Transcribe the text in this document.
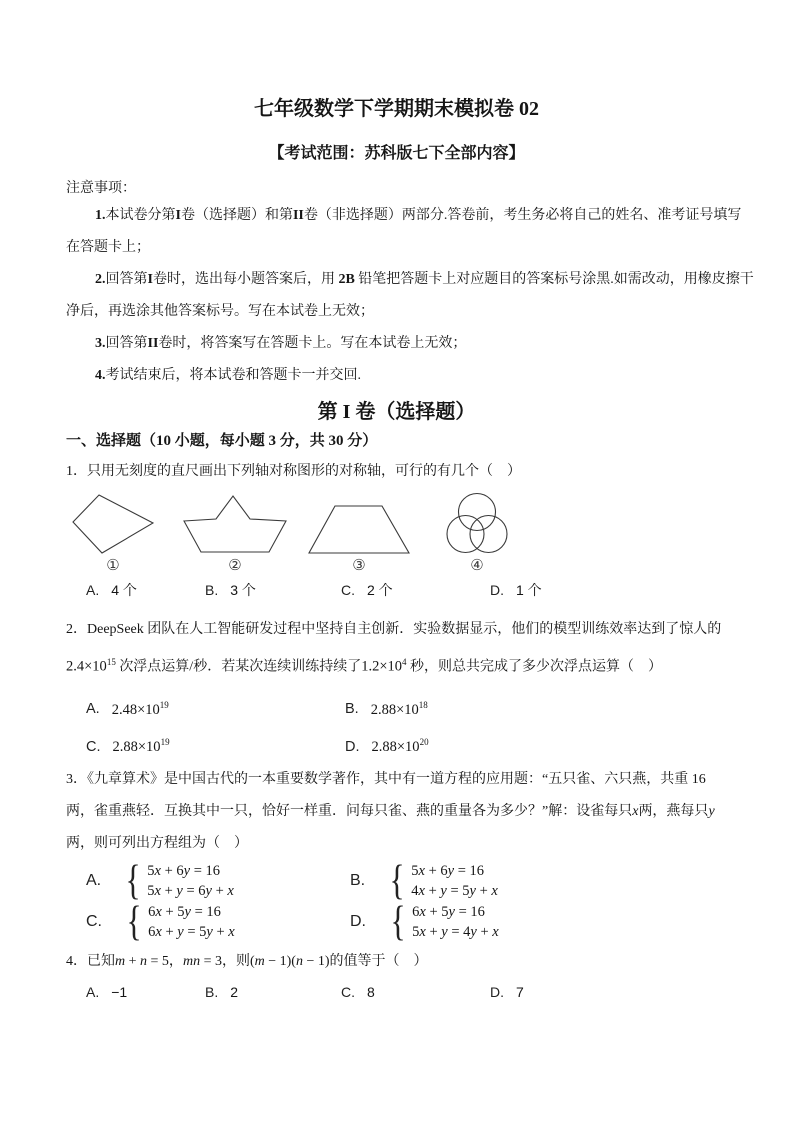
七年级数学下学期期末模拟卷 02
【考试范围：苏科版七下全部内容】
注意事项：
1.本试卷分第I卷（选择题）和第II卷（非选择题）两部分.答卷前，考生务必将自己的姓名、准考证号填写
在答题卡上；
2.回答第I卷时，选出每小题答案后，用 2B 铅笔把答题卡上对应题目的答案标号涂黑.如需改动，用橡皮擦干
净后，再选涂其他答案标号。写在本试卷上无效；
3.回答第II卷时，将答案写在答题卡上。写在本试卷上无效；
4.考试结束后，将本试卷和答题卡一并交回.
第 I 卷（选择题）
一、选择题（10 小题，每小题 3 分，共 30 分）
1．只用无刻度的直尺画出下列轴对称图形的对称轴，可行的有几个（　）
①	②	③	④
A. 4 个	B. 3 个	C. 2 个	D. 1 个
2．DeepSeek 团队在人工智能研发过程中坚持自主创新．实验数据显示，他们的模型训练效率达到了惊人的
$2.4\times 10^{15}$ 次浮点运算/秒．若某次连续训练持续了$1.2\times 10^4$ 秒，则总共完成了多少次浮点运算（　）
A. $2.48\times 10^{19}$	B. $2.88\times 10^{18}$
C. $2.88\times 10^{19}$	D. $2.88\times 10^{20}$
3．《九章算术》是中国古代的一本重要数学著作，其中有一道方程的应用题：“五只雀、六只燕，共重 16
两，雀重燕轻．互换其中一只，恰好一样重．问每只雀、燕的重量各为多少？”解：设雀每只x两，燕每只y
两，则可列出方程组为（　）
A. { 5x + 6y = 16
5x + y = 6y + x
B. { 5x + 6y = 16
4x + y = 5y + x
C. { 6x + 5y = 16
6x + y = 5y + x
D. { 6x + 5y = 16
5x + y = 4y + x
4．已知m + n = 5，mn = 3，则(m − 1)(n − 1)的值等于（　）
A. −1	B. 2	C. 8	D. 7
